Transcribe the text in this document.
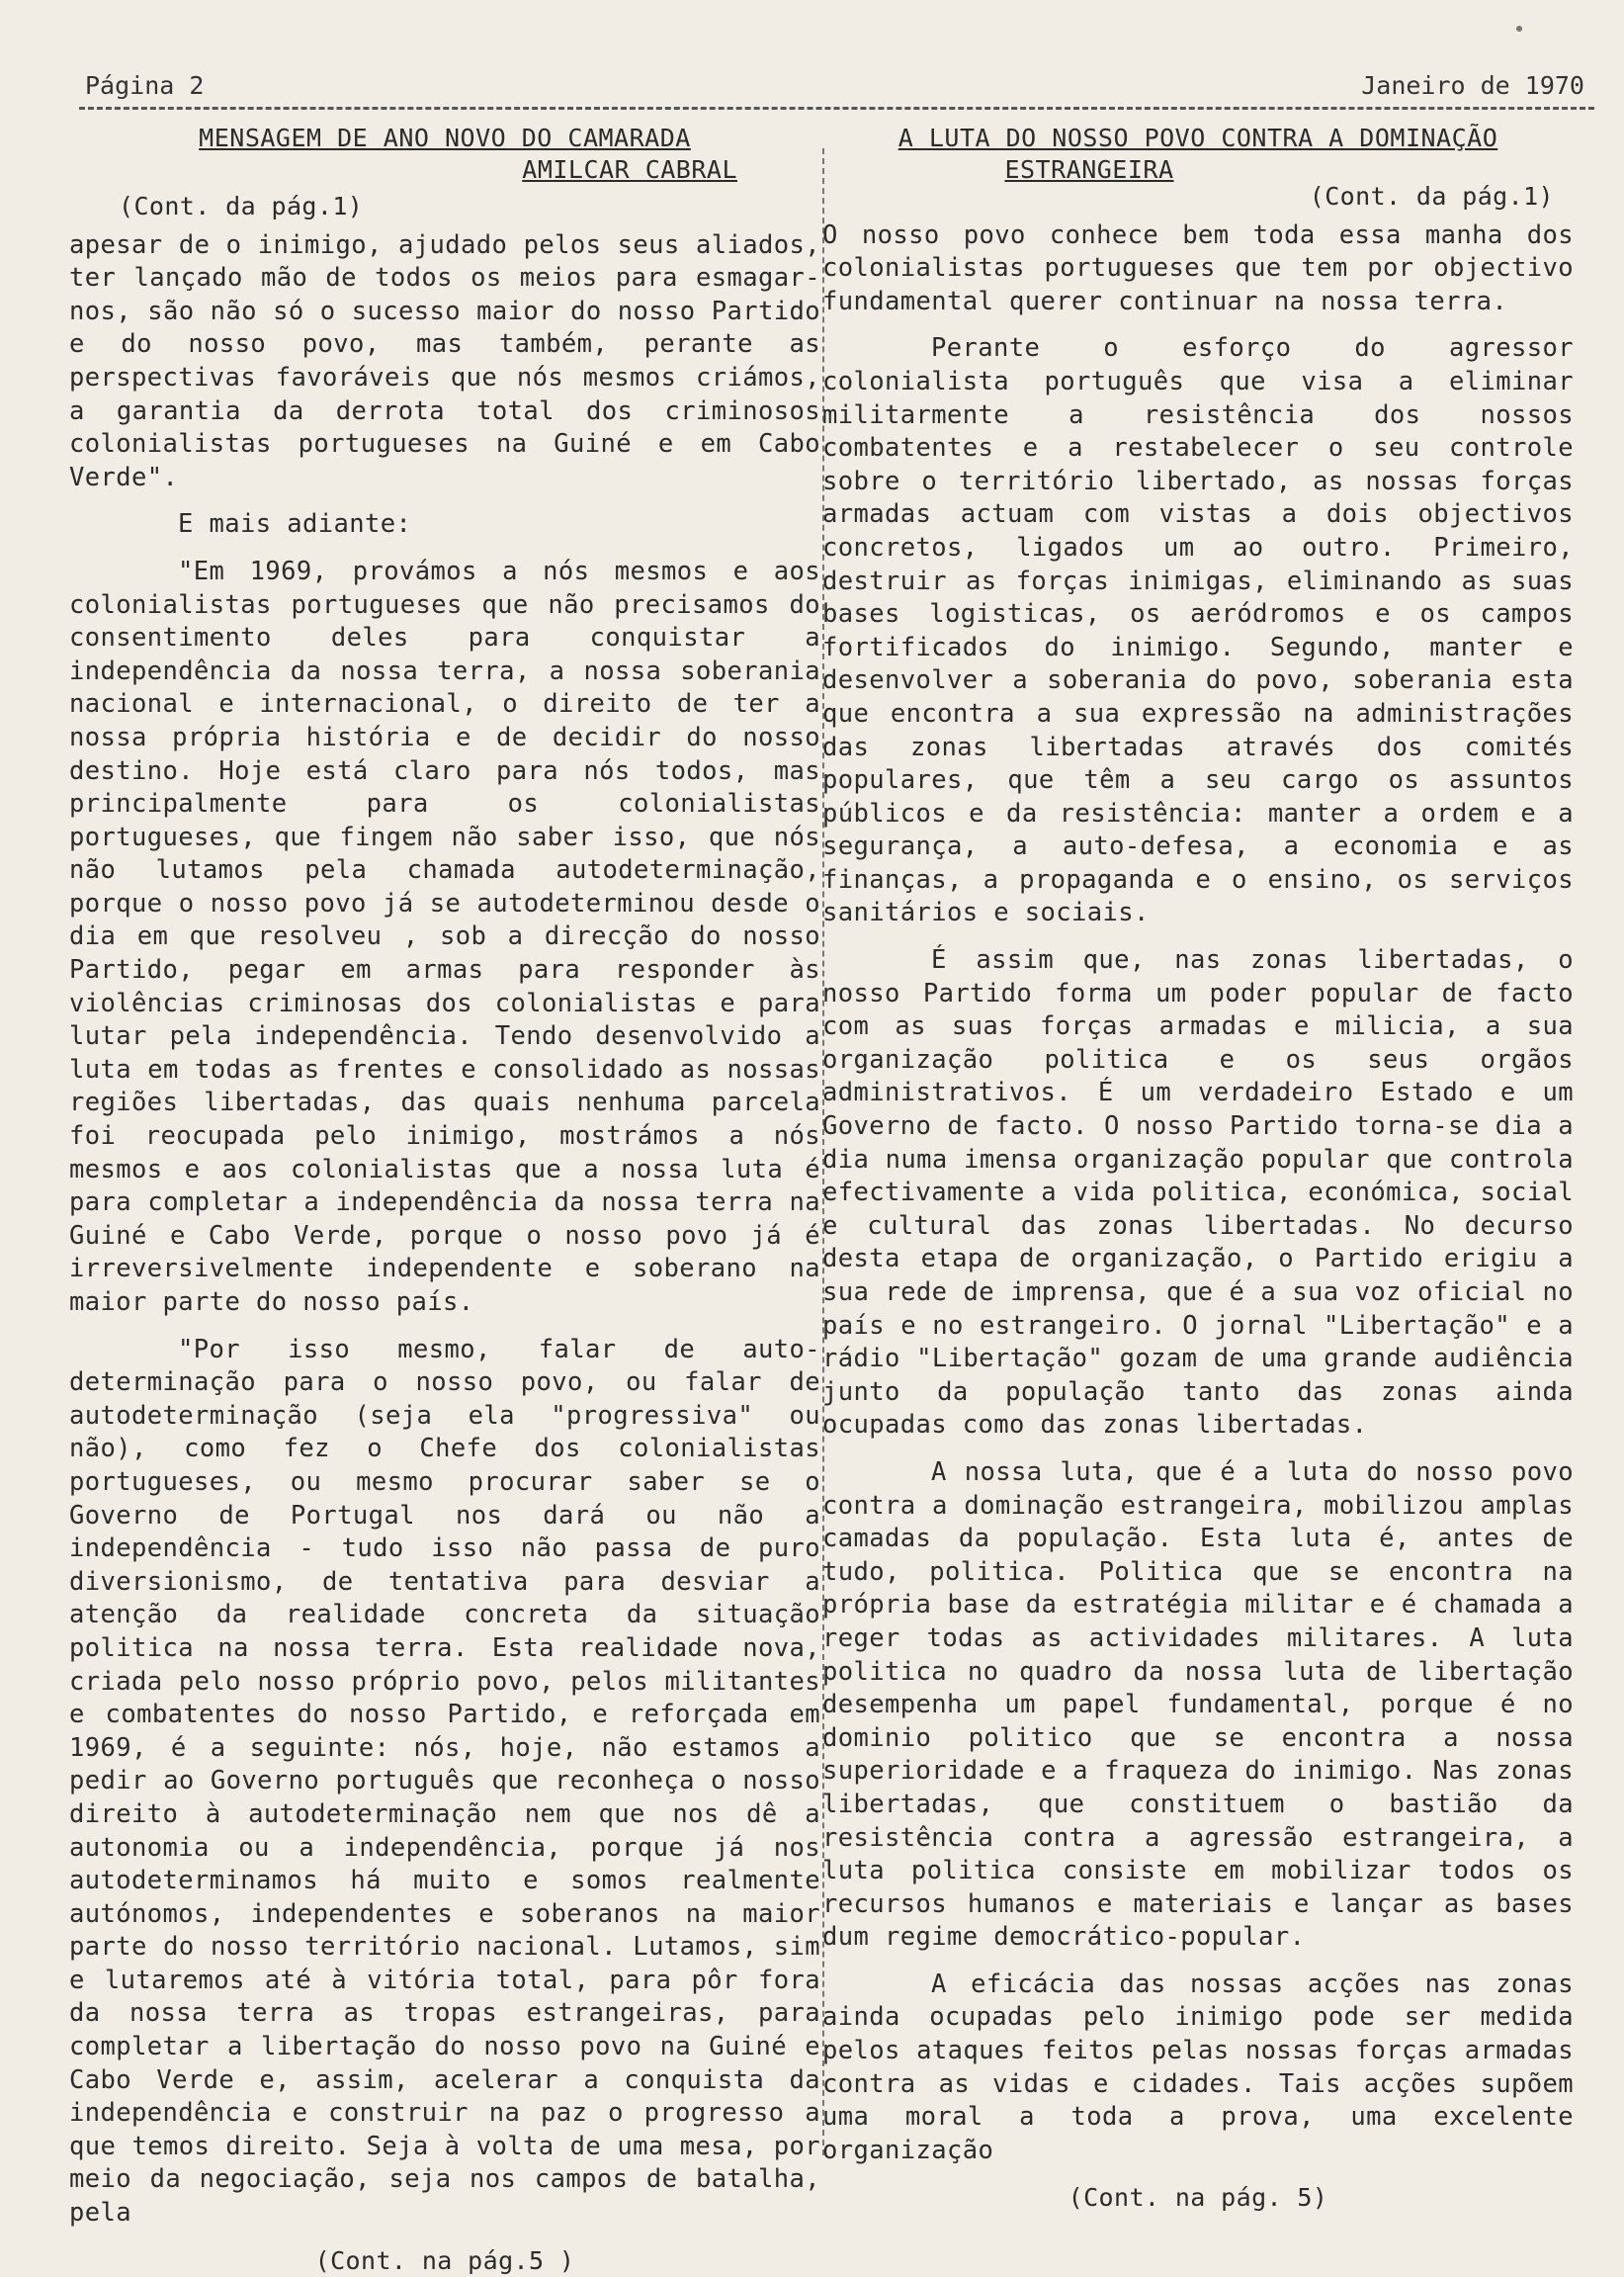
Página 2	Janeiro de 1970
MENSAGEM DE ANO NOVO DO CAMARADA
AMILCAR CABRAL
(Cont. da pág.1)
apesar de o inimigo, ajudado pelos seus aliados, ter lançado mão de todos os meios para esmagar-nos, são não só o sucesso maior do nosso Partido e do nosso povo, mas também, perante as perspectivas favoráveis que nós mesmos criámos, a garantia da derrota total dos criminosos colonialistas portugueses na Guiné e em Cabo Verde".
E mais adiante:
"Em 1969, provámos a nós mesmos e aos colonialistas portugueses que não precisamos do consentimento deles para conquistar a independência da nossa terra, a nossa soberania nacional e internacional, o direito de ter a nossa própria história e de decidir do nosso destino. Hoje está claro para nós todos, mas principalmente para os colonialistas portugueses, que fingem não saber isso, que nós não lutamos pela chamada autodeterminação, porque o nosso povo já se autodeterminou desde o dia em que resolveu , sob a direcção do nosso Partido, pegar em armas para responder às violências criminosas dos colonialistas e para lutar pela independência. Tendo desenvolvido a luta em todas as frentes e consolidado as nossas regiões libertadas, das quais nenhuma parcela foi reocupada pelo inimigo, mostrámos a nós mesmos e aos colonialistas que a nossa luta é para completar a independência da nossa terra na Guiné e Cabo Verde, porque o nosso povo já é irreversivelmente independente e soberano na maior parte do nosso país.
"Por isso mesmo, falar de auto-determinação para o nosso povo, ou falar de autodeterminação (seja ela "progressiva" ou não), como fez o Chefe dos colonialistas portugueses, ou mesmo procurar saber se o Governo de Portugal nos dará ou não a independência - tudo isso não passa de puro diversionismo, de tentativa para desviar a atenção da realidade concreta da situação politica na nossa terra. Esta realidade nova, criada pelo nosso próprio povo, pelos militantes e combatentes do nosso Partido, e reforçada em 1969, é a seguinte: nós, hoje, não estamos a pedir ao Governo português que reconheça o nosso direito à autodeterminação nem que nos dê a autonomia ou a independência, porque já nos autodeterminamos há muito e somos realmente autónomos, independentes e soberanos na maior parte do nosso território nacional. Lutamos, sim e lutaremos até à vitória total, para pôr fora da nossa terra as tropas estrangeiras, para completar a libertação do nosso povo na Guiné e Cabo Verde e, assim, acelerar a conquista da independência e construir na paz o progresso a que temos direito. Seja à volta de uma mesa, por meio da negociação, seja nos campos de batalha, pela
(Cont. na pág.5 )
A LUTA DO NOSSO POVO CONTRA A DOMINAÇÃO
ESTRANGEIRA
(Cont. da pág.1)
O nosso povo conhece bem toda essa manha dos colonialistas portugueses que tem por objectivo fundamental querer continuar na nossa terra.
Perante o esforço do agressor colonialista português que visa a eliminar militarmente a resistência dos nossos combatentes e a restabelecer o seu controle sobre o território libertado, as nossas forças armadas actuam com vistas a dois objectivos concretos, ligados um ao outro. Primeiro, destruir as forças inimigas, eliminando as suas bases logisticas, os aeródromos e os campos fortificados do inimigo. Segundo, manter e desenvolver a soberania do povo, soberania esta que encontra a sua expressão na administrações das zonas libertadas através dos comités populares, que têm a seu cargo os assuntos públicos e da resistência: manter a ordem e a segurança, a auto-defesa, a economia e as finanças, a propaganda e o ensino, os serviços sanitários e sociais.
É assim que, nas zonas libertadas, o nosso Partido forma um poder popular de facto com as suas forças armadas e milicia, a sua organização politica e os seus orgãos administrativos. É um verdadeiro Estado e um Governo de facto. O nosso Partido torna-se dia a dia numa imensa organização popular que controla efectivamente a vida politica, económica, social e cultural das zonas libertadas. No decurso desta etapa de organização, o Partido erigiu a sua rede de imprensa, que é a sua voz oficial no país e no estrangeiro. O jornal "Libertação" e a rádio "Libertação" gozam de uma grande audiência junto da população tanto das zonas ainda ocupadas como das zonas libertadas.
A nossa luta, que é a luta do nosso povo contra a dominação estrangeira, mobilizou amplas camadas da população. Esta luta é, antes de tudo, politica. Politica que se encontra na própria base da estratégia militar e é chamada a reger todas as actividades militares. A luta politica no quadro da nossa luta de libertação desempenha um papel fundamental, porque é no dominio politico que se encontra a nossa superioridade e a fraqueza do inimigo. Nas zonas libertadas, que constituem o bastião da resistência contra a agressão estrangeira, a luta politica consiste em mobilizar todos os recursos humanos e materiais e lançar as bases dum regime democrático-popular.
A eficácia das nossas acções nas zonas ainda ocupadas pelo inimigo pode ser medida pelos ataques feitos pelas nossas forças armadas contra as vidas e cidades. Tais acções supõem uma moral a toda a prova, uma excelente organização
(Cont. na pág. 5)
